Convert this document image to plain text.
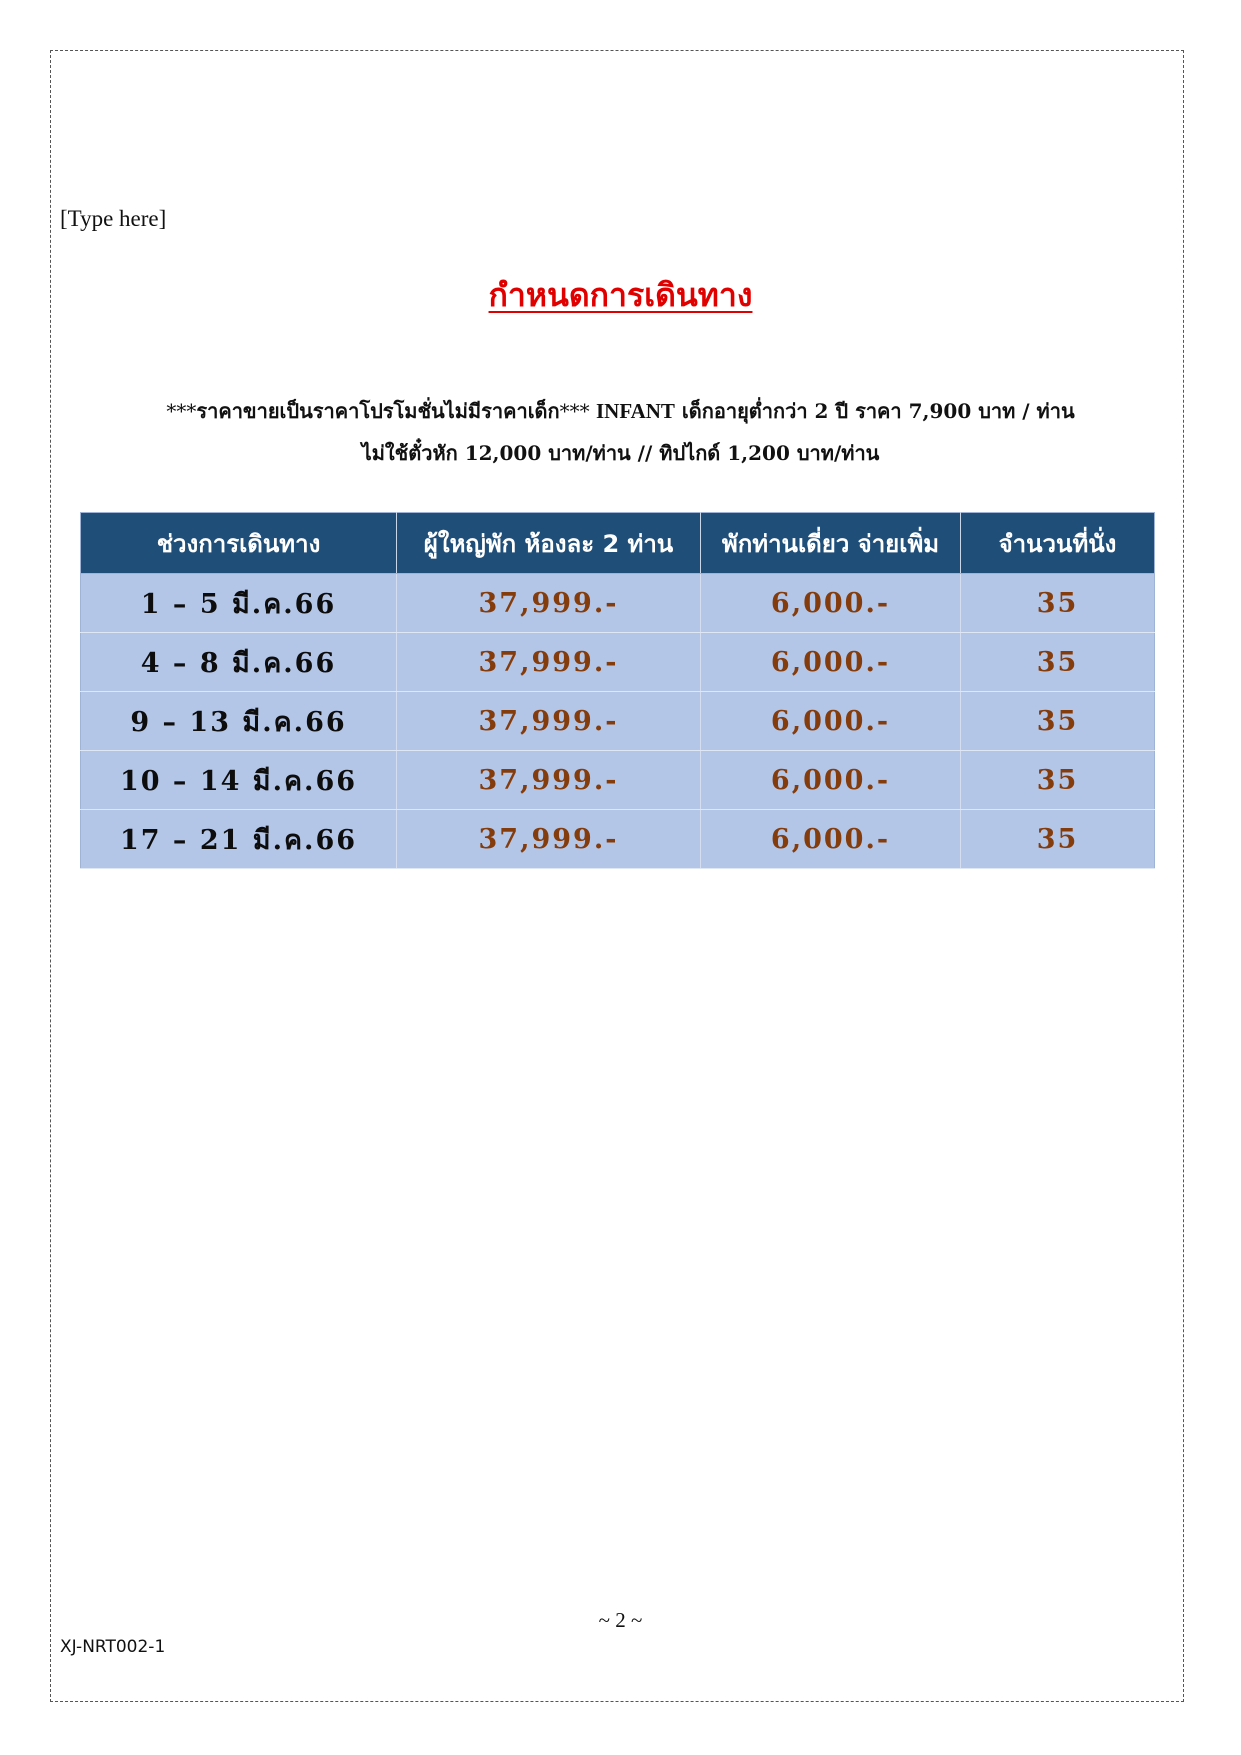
[Type here]
กำหนดการเดินทาง
***ราคาขายเป็นราคาโปรโมชั่นไม่มีราคาเด็ก*** INFANT เด็กอายุต่ำกว่า 2 ปี ราคา 7,900 บาท / ท่าน
ไม่ใช้ตั๋วหัก 12,000 บาท/ท่าน // ทิปไกด์ 1,200 บาท/ท่าน
ช่วงการเดินทาง	ผู้ใหญ่พัก ห้องละ 2 ท่าน	พักท่านเดี่ยว จ่ายเพิ่ม	จำนวนที่นั่ง
1 – 5 มี.ค.66	37,999.-	6,000.-	35
4 – 8 มี.ค.66	37,999.-	6,000.-	35
9 – 13 มี.ค.66	37,999.-	6,000.-	35
10 – 14 มี.ค.66	37,999.-	6,000.-	35
17 – 21 มี.ค.66	37,999.-	6,000.-	35
~ 2 ~
XJ-NRT002-1
